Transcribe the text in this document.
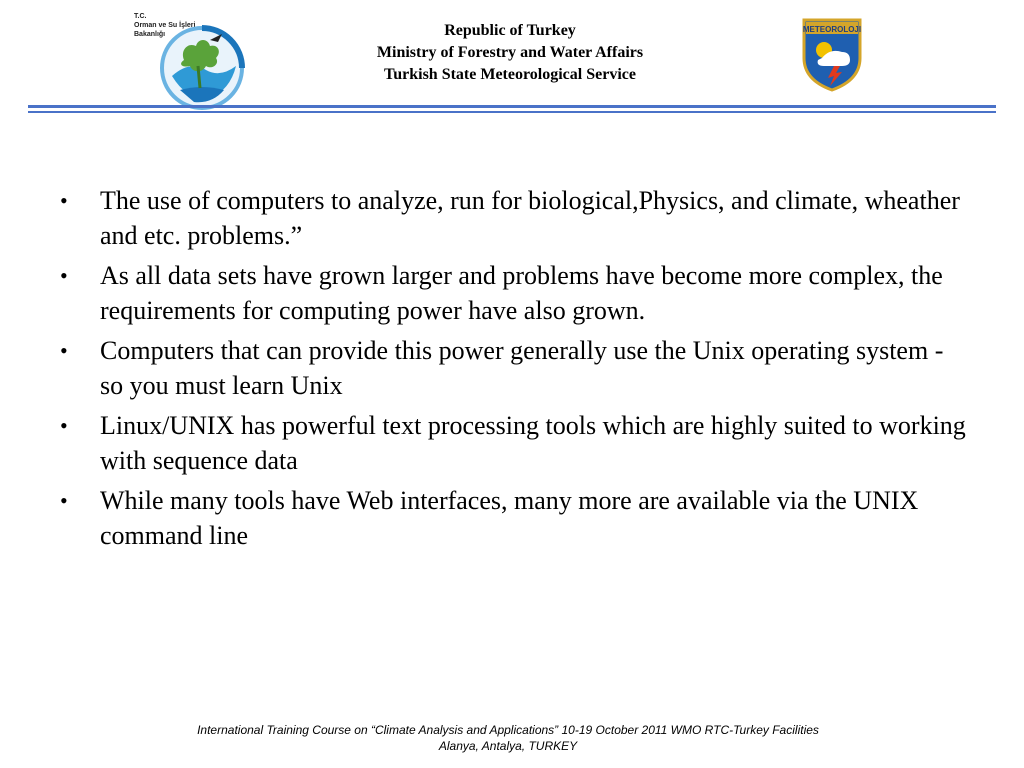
T.C.
Orman ve Su İşleri
Bakanlığı	Republic of Turkey
Ministry of Forestry and Water Affairs
Turkish State Meteorological Service
METEOROLOJI
• The use of computers to analyze, run for biological,Physics, and climate, wheather and etc. problems.”
• As all data sets have grown larger and problems have become more complex, the requirements for computing power have also grown.
• Computers that can provide this power generally use the Unix operating system - so you must learn Unix
• Linux/UNIX has powerful text processing tools which are highly suited to working with sequence data
• While many tools have Web interfaces, many more are available via the UNIX command line
International Training Course on “Climate Analysis and Applications” 10-19 October 2011 WMO RTC-Turkey Facilities
Alanya, Antalya, TURKEY
